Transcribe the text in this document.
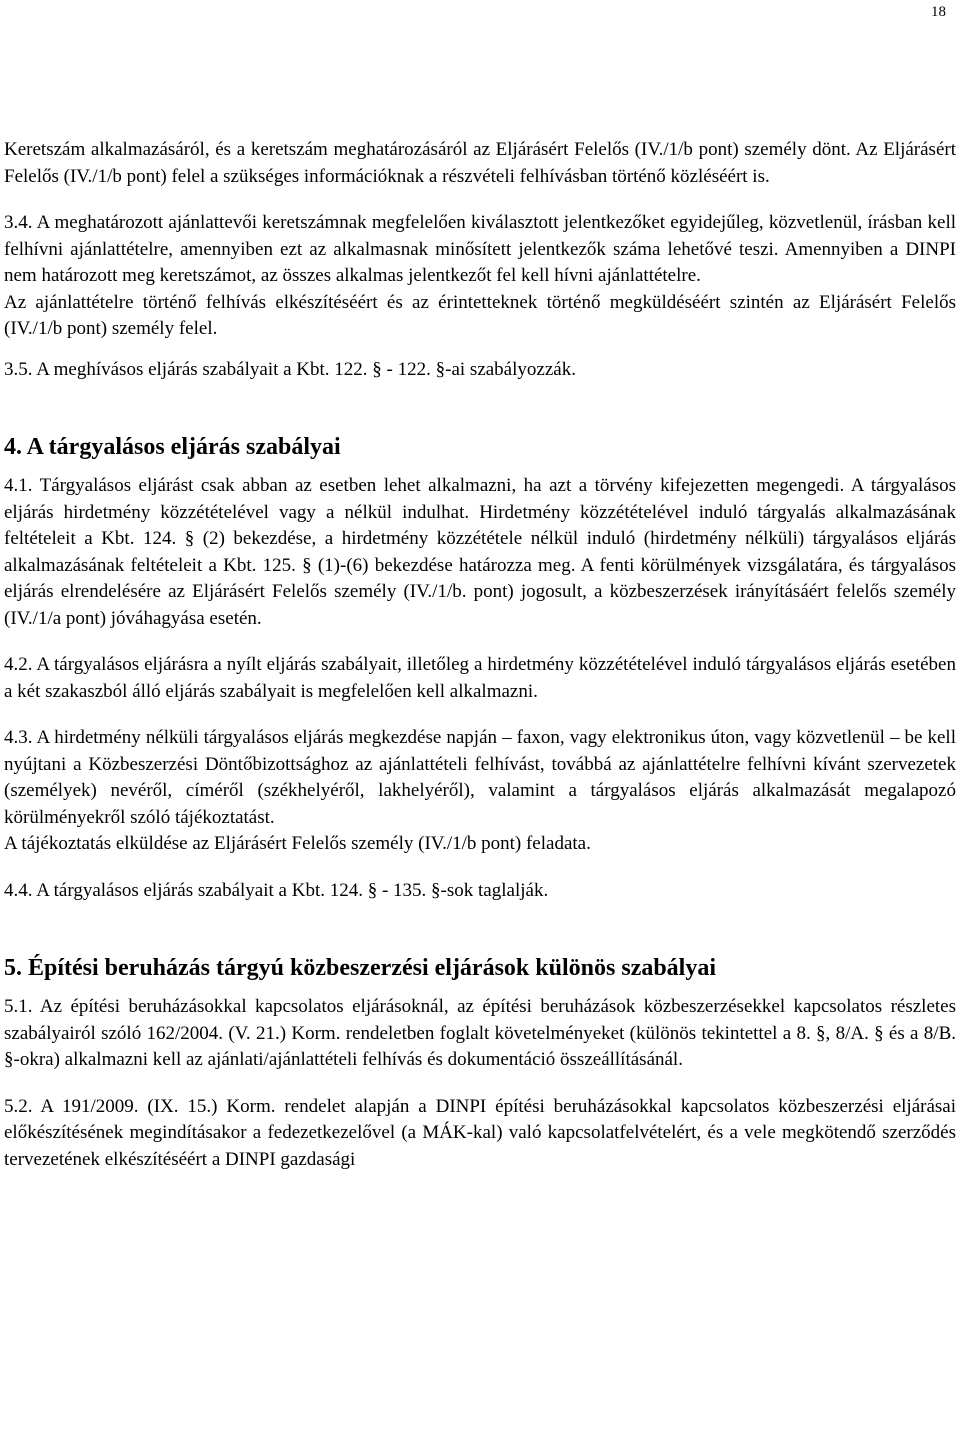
18

Keretszám alkalmazásáról, és a keretszám meghatározásáról az Eljárásért Felelős (IV./1/b pont) személy dönt. Az Eljárásért Felelős (IV./1/b pont) felel a szükséges információknak a részvételi felhívásban történő közléséért is.

3.4. A meghatározott ajánlattevői keretszámnak megfelelően kiválasztott jelentkezőket egyidejűleg, közvetlenül, írásban kell felhívni ajánlattételre, amennyiben ezt az alkalmasnak minősített jelentkezők száma lehetővé teszi. Amennyiben a DINPI nem határozott meg keretszámot, az összes alkalmas jelentkezőt fel kell hívni ajánlattételre.

Az ajánlattételre történő felhívás elkészítéséért és az érintetteknek történő megküldéséért szintén az Eljárásért Felelős (IV./1/b pont) személy felel.

3.5. A meghívásos eljárás szabályait a Kbt. 122. § - 122. §-ai szabályozzák.

4. A tárgyalásos eljárás szabályai

4.1. Tárgyalásos eljárást csak abban az esetben lehet alkalmazni, ha azt a törvény kifejezetten megengedi. A tárgyalásos eljárás hirdetmény közzétételével vagy a nélkül indulhat. Hirdetmény közzétételével induló tárgyalás alkalmazásának feltételeit a Kbt. 124. § (2) bekezdése, a hirdetmény közzététele nélkül induló (hirdetmény nélküli) tárgyalásos eljárás alkalmazásának feltételeit a Kbt. 125. § (1)-(6) bekezdése határozza meg. A fenti körülmények vizsgálatára, és tárgyalásos eljárás elrendelésére az Eljárásért Felelős személy (IV./1/b. pont) jogosult, a közbeszerzések irányításáért felelős személy (IV./1/a pont) jóváhagyása esetén.

4.2. A tárgyalásos eljárásra a nyílt eljárás szabályait, illetőleg a hirdetmény közzétételével induló tárgyalásos eljárás esetében a két szakaszból álló eljárás szabályait is megfelelően kell alkalmazni.

4.3. A hirdetmény nélküli tárgyalásos eljárás megkezdése napján – faxon, vagy elektronikus úton, vagy közvetlenül – be kell nyújtani a Közbeszerzési Döntőbizottsághoz az ajánlattételi felhívást, továbbá az ajánlattételre felhívni kívánt szervezetek (személyek) nevéről, címéről (székhelyéről, lakhelyéről), valamint a tárgyalásos eljárás alkalmazását megalapozó körülményekről szóló tájékoztatást.

A tájékoztatás elküldése az Eljárásért Felelős személy (IV./1/b pont) feladata.

4.4. A tárgyalásos eljárás szabályait a Kbt. 124. § - 135. §-sok taglalják.

5. Építési beruházás tárgyú közbeszerzési eljárások különös szabályai

5.1. Az építési beruházásokkal kapcsolatos eljárásoknál, az építési beruházások közbeszerzésekkel kapcsolatos részletes szabályairól szóló 162/2004. (V. 21.) Korm. rendeletben foglalt követelményeket (különös tekintettel a 8. §, 8/A. § és a 8/B. §-okra) alkalmazni kell az ajánlati/ajánlattételi felhívás és dokumentáció összeállításánál.

5.2. A 191/2009. (IX. 15.) Korm. rendelet alapján a DINPI építési beruházásokkal kapcsolatos közbeszerzési eljárásai előkészítésének megindításakor a fedezetkezelővel (a MÁK-kal) való kapcsolatfelvételért, és a vele megkötendő szerződés tervezetének elkészítéséért a DINPI gazdasági
